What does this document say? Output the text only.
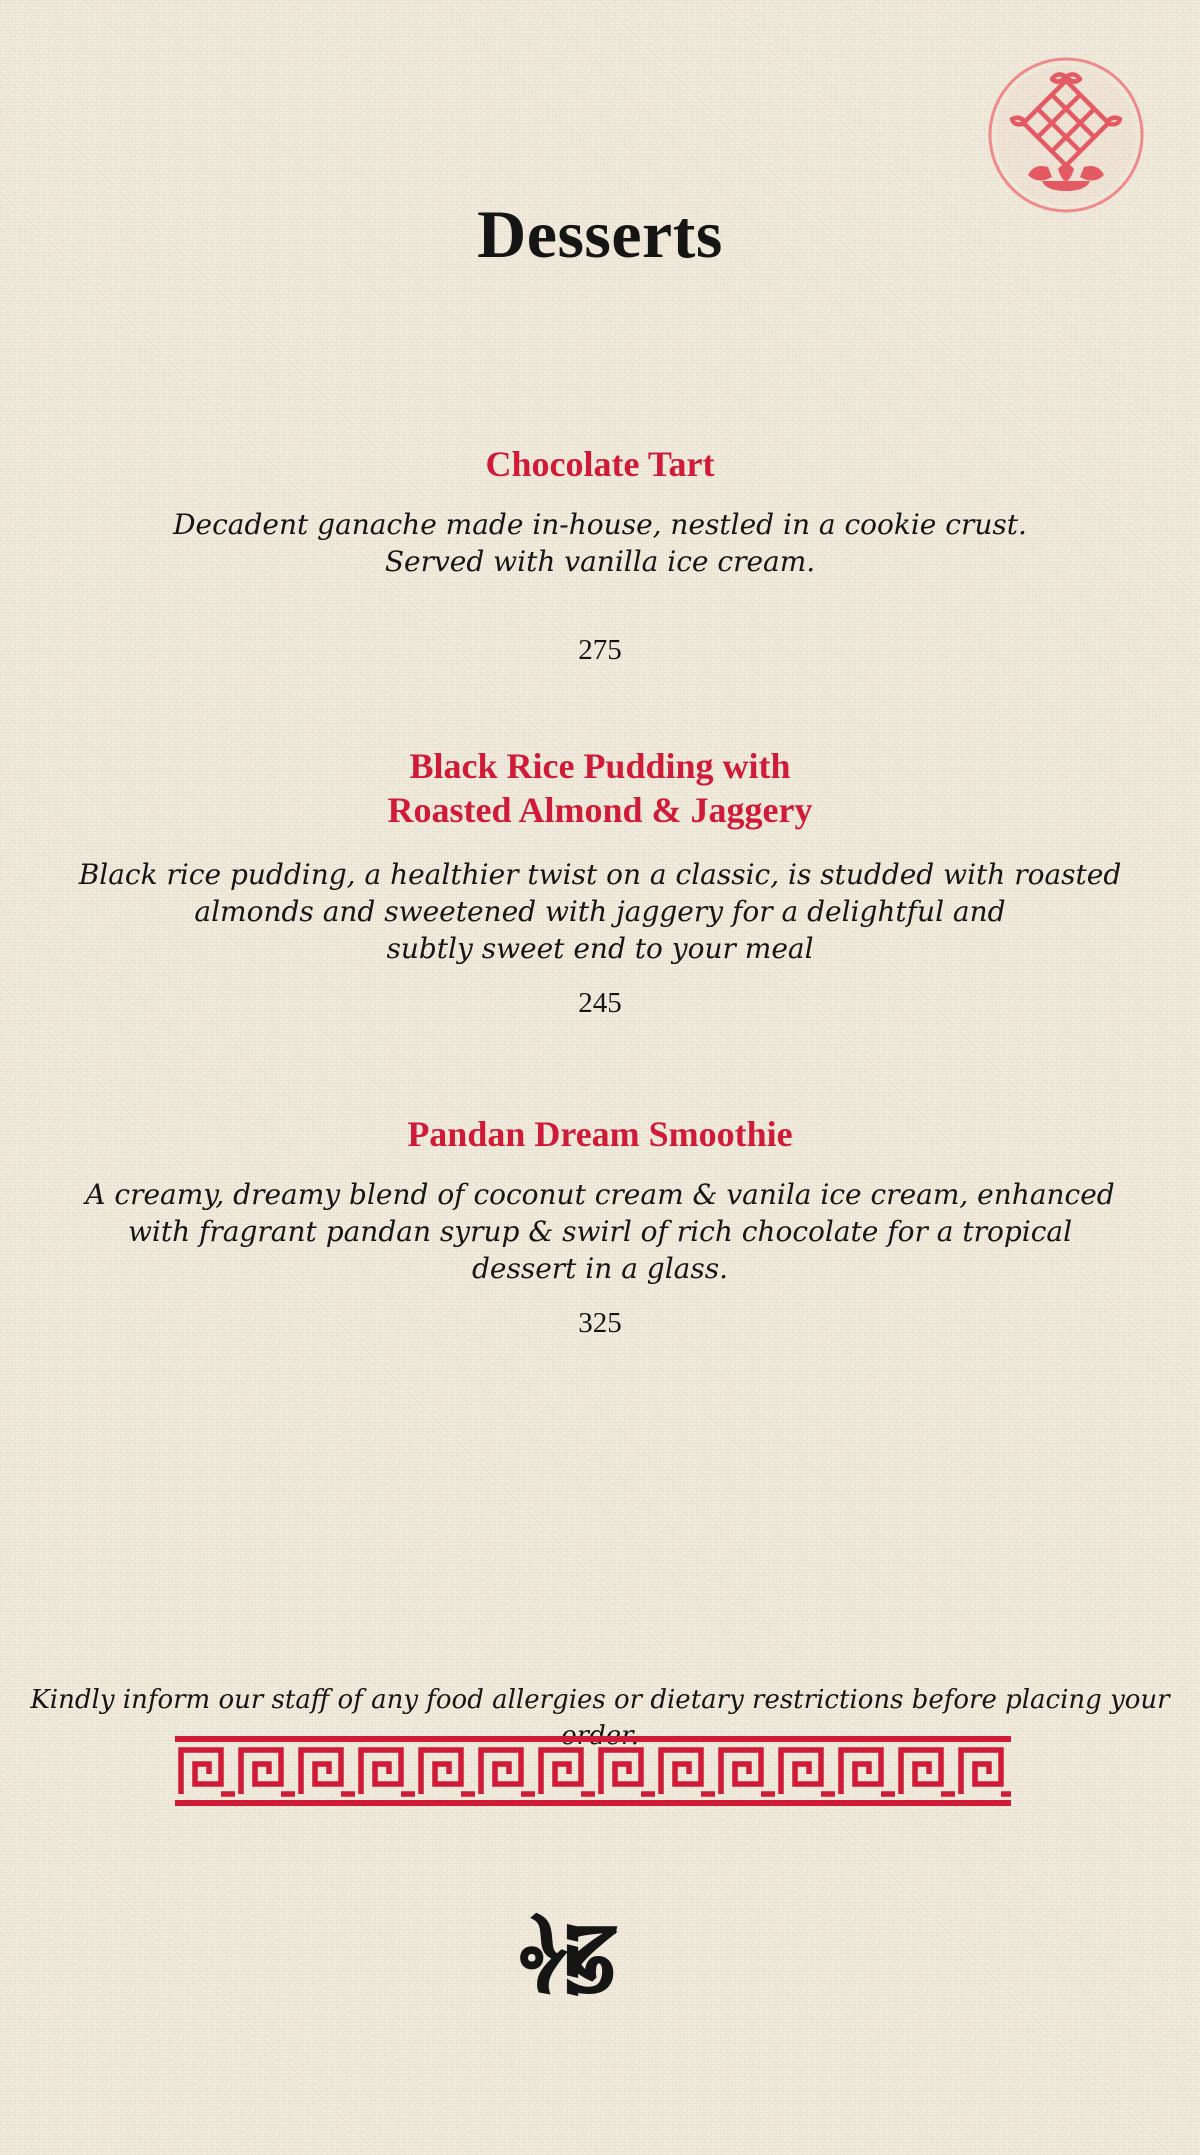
Desserts

Chocolate Tart

Decadent ganache made in-house, nestled in a cookie crust.
Served with vanilla ice cream.

275

Black Rice Pudding with
Roasted Almond & Jaggery

Black rice pudding, a healthier twist on a classic, is studded with roasted
almonds and sweetened with jaggery for a delightful and
subtly sweet end to your meal

245

Pandan Dream Smoothie

A creamy, dreamy blend of coconut cream & vanila ice cream, enhanced
with fragrant pandan syrup & swirl of rich chocolate for a tropical
dessert in a glass.

325

Kindly inform our staff of any food allergies or dietary restrictions before placing your
ཨོཾ
